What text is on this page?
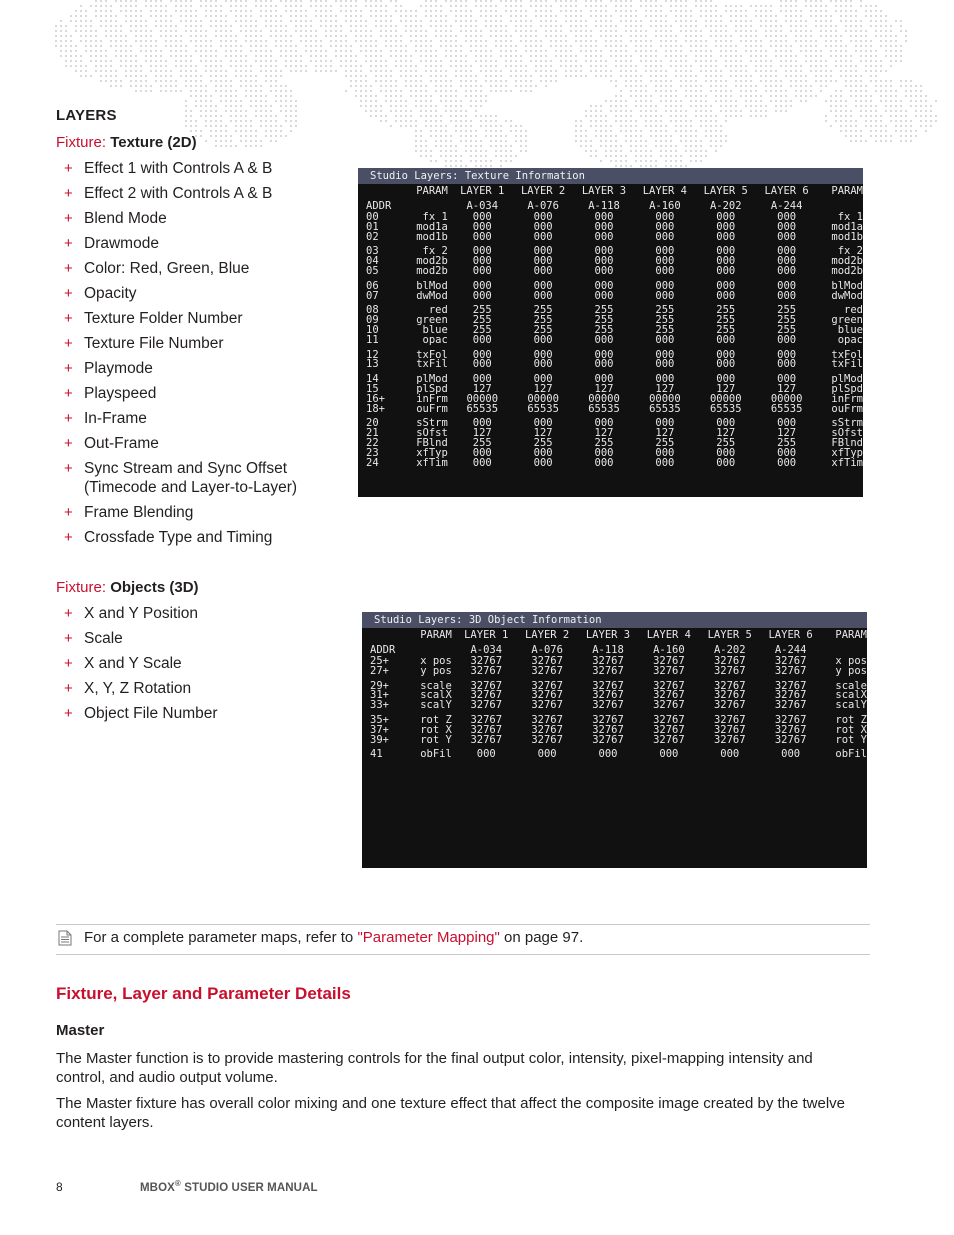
LAYERS
Fixture: Texture (2D)
+ Effect 1 with Controls A & B
+ Effect 2 with Controls A & B
+ Blend Mode
+ Drawmode
+ Color: Red, Green, Blue
+ Opacity
+ Texture Folder Number
+ Texture File Number
+ Playmode
+ Playspeed
+ In-Frame
+ Out-Frame
+ Sync Stream and Sync Offset (Timecode and Layer-to-Layer)
+ Frame Blending
+ Crossfade Type and Timing
Fixture: Objects (3D)
+ X and Y Position
+ Scale
+ X and Y Scale
+ X, Y, Z Rotation
+ Object File Number
Studio Layers: Texture Information
	PARAM	LAYER 1	LAYER 2	LAYER 3	LAYER 4	LAYER 5	LAYER 6	PARAM
ADDR		A-034	A-076	A-118	A-160	A-202	A-244	
00	fx 1	000	000	000	000	000	000	fx 1
01	mod1a	000	000	000	000	000	000	mod1a
02	mod1b	000	000	000	000	000	000	mod1b

03	fx 2	000	000	000	000	000	000	fx 2
04	mod2b	000	000	000	000	000	000	mod2b
05	mod2b	000	000	000	000	000	000	mod2b

06	blMod	000	000	000	000	000	000	blMod
07	dwMod	000	000	000	000	000	000	dwMod

08	red	255	255	255	255	255	255	red
09	green	255	255	255	255	255	255	green
10	blue	255	255	255	255	255	255	blue
11	opac	000	000	000	000	000	000	opac

12	txFol	000	000	000	000	000	000	txFol
13	txFil	000	000	000	000	000	000	txFil

14	plMod	000	000	000	000	000	000	plMod
15	plSpd	127	127	127	127	127	127	plSpd
16+	inFrm	00000	00000	00000	00000	00000	00000	inFrm
18+	ouFrm	65535	65535	65535	65535	65535	65535	ouFrm

20	sStrm	000	000	000	000	000	000	sStrm
21	sOfst	127	127	127	127	127	127	sOfst
22	FBlnd	255	255	255	255	255	255	FBlnd
23	xfTyp	000	000	000	000	000	000	xfTyp
24	xfTim	000	000	000	000	000	000	xfTim
Studio Layers: 3D Object Information
	PARAM	LAYER 1	LAYER 2	LAYER 3	LAYER 4	LAYER 5	LAYER 6	PARAM
ADDR		A-034	A-076	A-118	A-160	A-202	A-244	
25+	x pos	32767	32767	32767	32767	32767	32767	x pos
27+	y pos	32767	32767	32767	32767	32767	32767	y pos

29+	scale	32767	32767	32767	32767	32767	32767	scale
31+	scalX	32767	32767	32767	32767	32767	32767	scalX
33+	scalY	32767	32767	32767	32767	32767	32767	scalY

35+	rot Z	32767	32767	32767	32767	32767	32767	rot Z
37+	rot X	32767	32767	32767	32767	32767	32767	rot X
39+	rot Y	32767	32767	32767	32767	32767	32767	rot Y

41	obFil	000	000	000	000	000	000	obFil
For a complete parameter maps, refer to "Parameter Mapping" on page 97.
Fixture, Layer and Parameter Details
Master
The Master function is to provide mastering controls for the final output color, intensity, pixel-mapping intensity and control, and audio output volume.
The Master fixture has overall color mixing and one texture effect that affect the composite image created by the twelve content layers.
8	MBOX® STUDIO USER MANUAL
